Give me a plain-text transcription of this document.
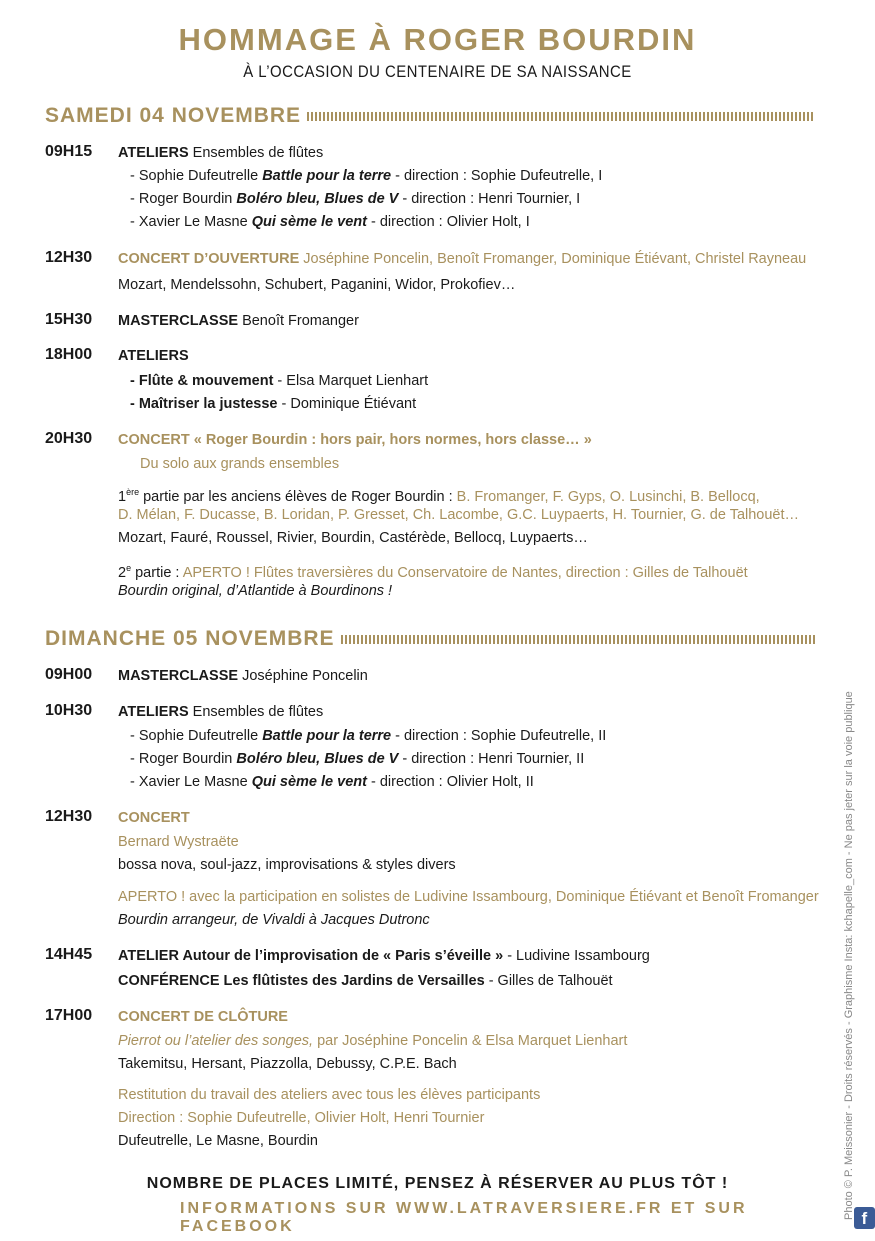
HOMMAGE À ROGER BOURDIN
À L’OCCASION DU CENTENAIRE DE SA NAISSANCE
SAMEDI 04 NOVEMBRE
09H15 ATELIERS Ensembles de flûtes
- Sophie Dufeutrelle Battle pour la terre - direction : Sophie Dufeutrelle, I
- Roger Bourdin Boléro bleu, Blues de V - direction : Henri Tournier, I
- Xavier Le Masne Qui sème le vent - direction : Olivier Holt, I
12H30 CONCERT D’OUVERTURE Joséphine Poncelin, Benoît Fromanger, Dominique Étiévant, Christel Rayneau
Mozart, Mendelssohn, Schubert, Paganini, Widor, Prokofiev…
15H30 MASTERCLASSE Benoît Fromanger
18H00 ATELIERS
- Flûte & mouvement - Elsa Marquet Lienhart
- Maîtriser la justesse - Dominique Étiévant
20H30 CONCERT « Roger Bourdin : hors pair, hors normes, hors classe… »
Du solo aux grands ensembles
1ère partie par les anciens élèves de Roger Bourdin : B. Fromanger, F. Gyps, O. Lusinchi, B. Bellocq,
D. Mélan, F. Ducasse, B. Loridan, P. Gresset, Ch. Lacombe, G.C. Luypaerts, H. Tournier, G. de Talhouët…
Mozart, Fauré, Roussel, Rivier, Bourdin, Castérède, Bellocq, Luypaerts…
2e partie : APERTO ! Flûtes traversières du Conservatoire de Nantes, direction : Gilles de Talhouët
Bourdin original, d’Atlantide à Bourdinons !
DIMANCHE 05 NOVEMBRE
09H00 MASTERCLASSE Joséphine Poncelin
10H30 ATELIERS Ensembles de flûtes
- Sophie Dufeutrelle Battle pour la terre - direction : Sophie Dufeutrelle, II
- Roger Bourdin Boléro bleu, Blues de V - direction : Henri Tournier, II
- Xavier Le Masne Qui sème le vent - direction : Olivier Holt, II
12H30 CONCERT
Bernard Wystraëte
bossa nova, soul-jazz, improvisations & styles divers
APERTO ! avec la participation en solistes de Ludivine Issambourg, Dominique Étiévant et Benoît Fromanger
Bourdin arrangeur, de Vivaldi à Jacques Dutronc
14H45 ATELIER Autour de l’improvisation de « Paris s’éveille » - Ludivine Issambourg
CONFÉRENCE Les flûtistes des Jardins de Versailles - Gilles de Talhouët
17H00 CONCERT DE CLÔTURE
Pierrot ou l’atelier des songes, par Joséphine Poncelin & Elsa Marquet Lienhart
Takemitsu, Hersant, Piazzolla, Debussy, C.P.E. Bach
Restitution du travail des ateliers avec tous les élèves participants
Direction : Sophie Dufeutrelle, Olivier Holt, Henri Tournier
Dufeutrelle, Le Masne, Bourdin
NOMBRE DE PLACES LIMITÉ, PENSEZ À RÉSERVER AU PLUS TÔT !
INFORMATIONS SUR WWW.LATRAVERSIERE.FR ET SUR FACEBOOK	f
Photo © P. Meissonier - Droits réservés - Graphisme Insta: kchapelle_com - Ne pas jeter sur la voie publique
